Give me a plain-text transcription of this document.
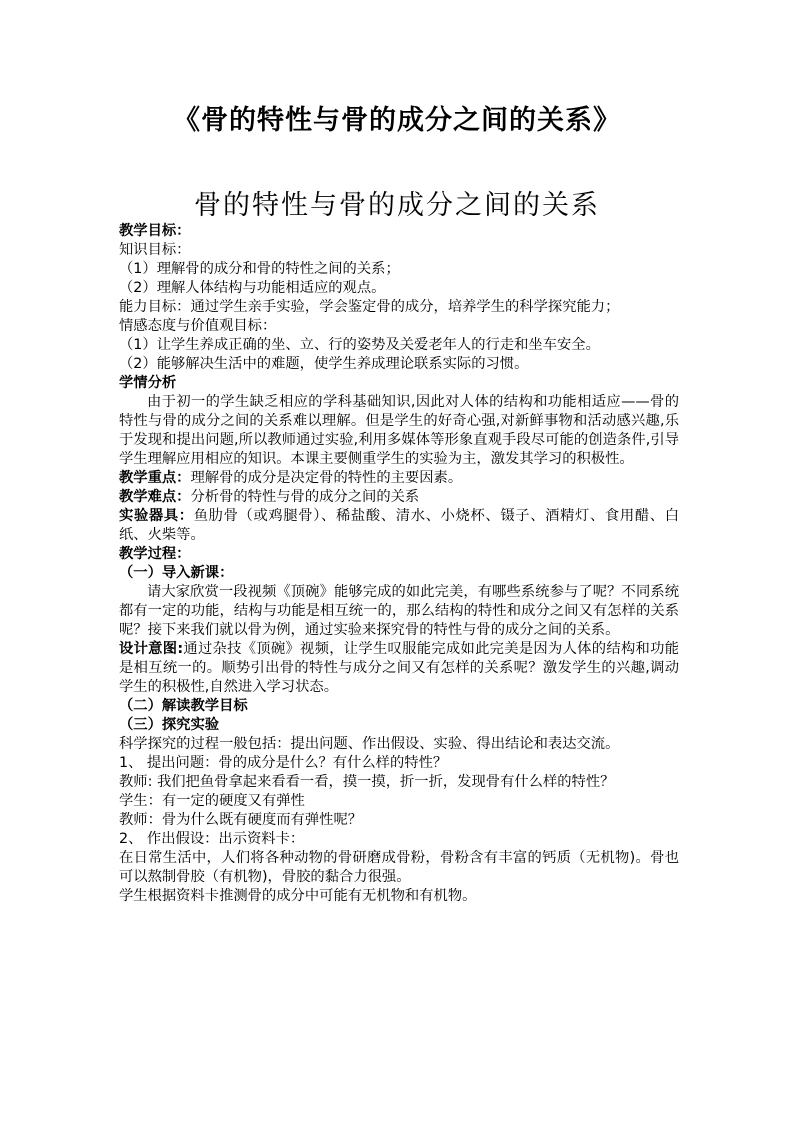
《骨的特性与骨的成分之间的关系》
骨的特性与骨的成分之间的关系
教学目标：
知识目标：
（1）理解骨的成分和骨的特性之间的关系；
（2）理解人体结构与功能相适应的观点。
能力目标：通过学生亲手实验，学会鉴定骨的成分，培养学生的科学探究能力；
情感态度与价值观目标：
（1）让学生养成正确的坐、立、行的姿势及关爱老年人的行走和坐车安全。
（2）能够解决生活中的难题，使学生养成理论联系实际的习惯。
学情分析
由于初一的学生缺乏相应的学科基础知识,因此对人体的结构和功能相适应——骨的特性与骨的成分之间的关系难以理解。但是学生的好奇心强,对新鲜事物和活动感兴趣,乐于发现和提出问题,所以教师通过实验,利用多媒体等形象直观手段尽可能的创造条件,引导学生理解应用相应的知识。本课主要侧重学生的实验为主，激发其学习的积极性。
教学重点：理解骨的成分是决定骨的特性的主要因素。
教学难点：分析骨的特性与骨的成分之间的关系
实验器具：鱼肋骨（或鸡腿骨）、稀盐酸、清水、小烧杯、镊子、酒精灯、食用醋、白纸、火柴等。
教学过程：
（一）导入新课：
请大家欣赏一段视频《顶碗》能够完成的如此完美，有哪些系统参与了呢？不同系统都有一定的功能，结构与功能是相互统一的，那么结构的特性和成分之间又有怎样的关系呢？接下来我们就以骨为例，通过实验来探究骨的特性与骨的成分之间的关系。
设计意图:通过杂技《顶碗》视频，让学生叹服能完成如此完美是因为人体的结构和功能是相互统一的。顺势引出骨的特性与成分之间又有怎样的关系呢？激发学生的兴趣,调动学生的积极性,自然进入学习状态。
（二）解读教学目标
（三）探究实验
科学探究的过程一般包括：提出问题、作出假设、实验、得出结论和表达交流。
1、 提出问题：骨的成分是什么？有什么样的特性？
教师: 我们把鱼骨拿起来看看一看，摸一摸，折一折，发现骨有什么样的特性？
学生：有一定的硬度又有弹性
教师：骨为什么既有硬度而有弹性呢？
2、 作出假设：出示资料卡：
在日常生活中，人们将各种动物的骨研磨成骨粉，骨粉含有丰富的钙质（无机物)。骨也可以熬制骨胶（有机物)，骨胶的黏合力很强。
学生根据资料卡推测骨的成分中可能有无机物和有机物。
